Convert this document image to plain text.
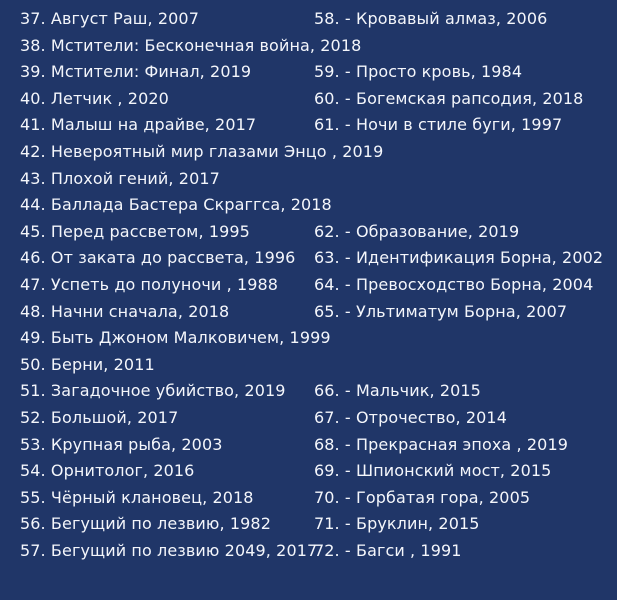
37. Август Раш, 2007
38. Мстители: Бесконечная война, 2018
39. Мстители: Финал, 2019
40. Летчик , 2020
41. Малыш на драйве, 2017
42. Невероятный мир глазами Энцо , 2019
43. Плохой гений, 2017
44. Баллада Бастера Скраггса, 2018
45. Перед рассветом, 1995
46. От заката до рассвета, 1996
47. Успеть до полуночи , 1988
48. Начни сначала, 2018
49. Быть Джоном Малковичем, 1999
50. Берни, 2011
51. Загадочное убийство, 2019
52. Большой, 2017
53. Крупная рыба, 2003
54. Орнитолог, 2016
55. Чёрный клановец, 2018
56. Бегущий по лезвию, 1982
57. Бегущий по лезвию 2049, 2017
58. - Кровавый алмаз, 2006
59. - Просто кровь, 1984
60. - Богемская рапсодия, 2018
61. - Ночи в стиле буги, 1997
62. - Образование, 2019
63. - Идентификация Борна, 2002
64. - Превосходство Борна, 2004
65. - Ультиматум Борна, 2007
66. - Мальчик, 2015
67. - Отрочество, 2014
68. - Прекрасная эпоха , 2019
69. - Шпионский мост, 2015
70. - Горбатая гора, 2005
71. - Бруклин, 2015
72. - Багси , 1991
